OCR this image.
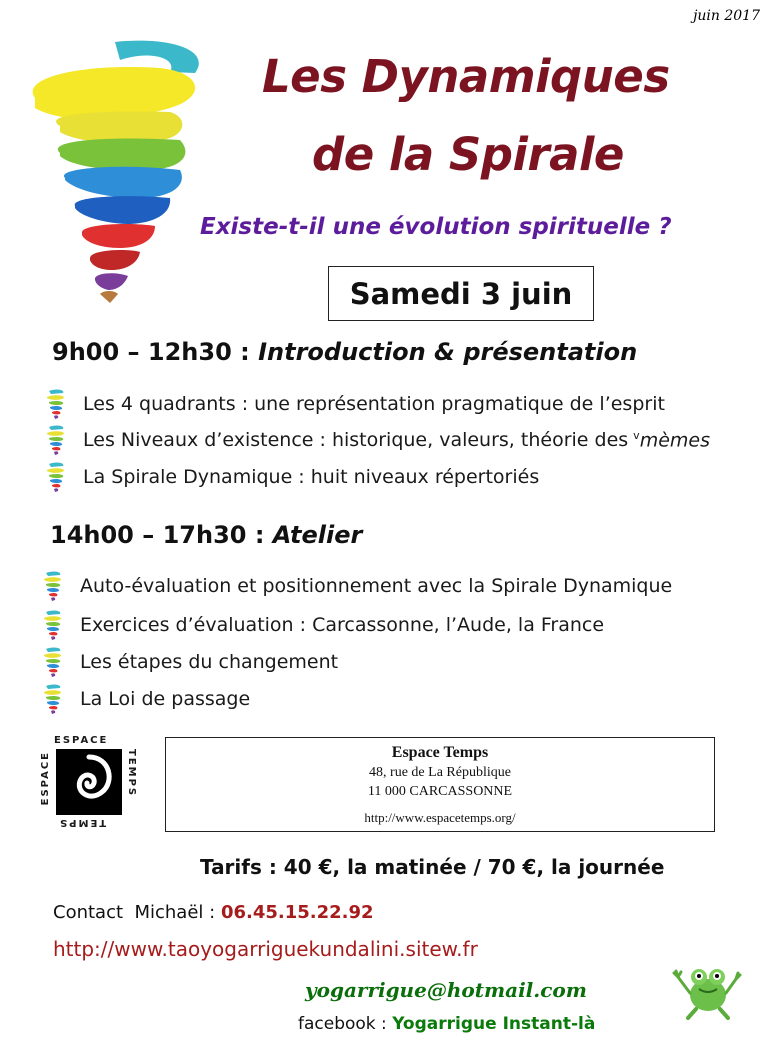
juin 2017
Les Dynamiques
de la Spirale
Existe-t-il une évolution spirituelle ?
Samedi 3 juin
9h00 – 12h30 : Introduction & présentation
Les 4 quadrants : une représentation pragmatique de l’esprit
Les Niveaux d’existence : historique, valeurs, théorie des $^v$mèmes
La Spirale Dynamique : huit niveaux répertoriés
14h00 – 17h30 : Atelier
Auto-évaluation et positionnement avec la Spirale Dynamique
Exercices d’évaluation : Carcassonne, l’Aude, la France
Les étapes du changement
La Loi de passage
ESPACE
TEMPS
TEMPS
ESPACE	Espace Temps
48, rue de La République
11 000 CARCASSONNE
http://www.espacetemps.org/
Tarifs : 40 €, la matinée / 70 €, la journée
Contact  Michaël : 06.45.15.22.92
http://www.taoyogarriguekundalini.sitew.fr
yogarrigue@hotmail.com
facebook : Yogarrigue Instant-là
